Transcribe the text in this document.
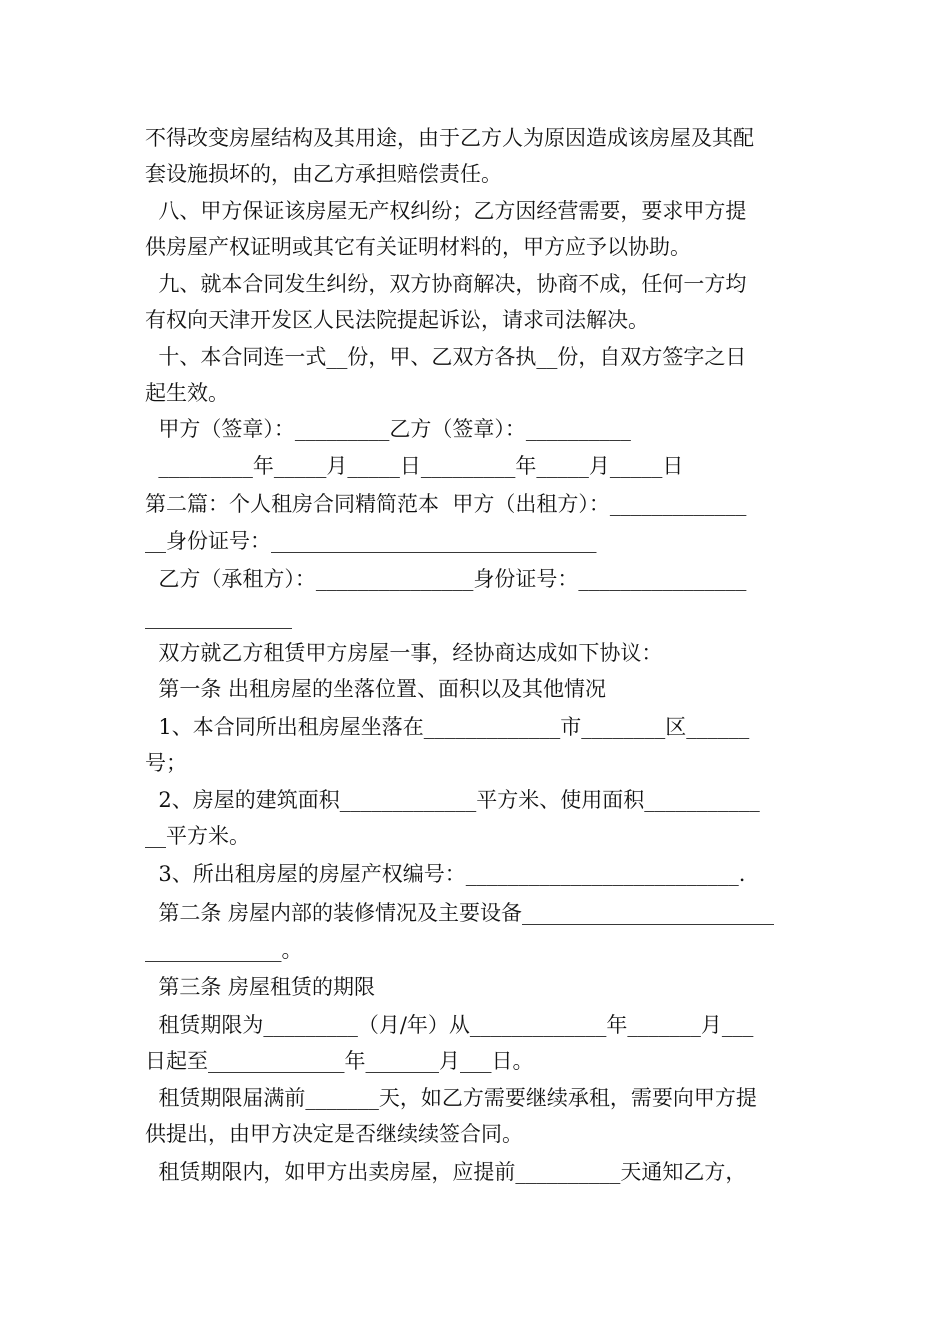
不得改变房屋结构及其用途，由于乙方人为原因造成该房屋及其配
套设施损坏的，由乙方承担赔偿责任。
八、甲方保证该房屋无产权纠纷；乙方因经营需要，要求甲方提
供房屋产权证明或其它有关证明材料的，甲方应予以协助。
九、就本合同发生纠纷，双方协商解决，协商不成，任何一方均
有权向天津开发区人民法院提起诉讼，请求司法解决。
十、本合同连一式__份，甲、乙双方各执__份，自双方签字之日
起生效。
甲方（签章）：_________乙方（签章）：__________
_________年_____月_____日_________年_____月_____日
第二篇：个人租房合同精简范本  甲方（出租方）：_____________
__身份证号：_______________________________
乙方（承租方）：_______________身份证号：________________
______________
双方就乙方租赁甲方房屋一事，经协商达成如下协议：
第一条 出租房屋的坐落位置、面积以及其他情况
1、本合同所出租房屋坐落在_____________市________区______
号；
2、房屋的建筑面积_____________平方米、使用面积___________
__平方米。
3、所出租房屋的房屋产权编号：__________________________.
第二条 房屋内部的装修情况及主要设备________________________
_____________。
第三条 房屋租赁的期限
租赁期限为_________（月/年）从_____________年_______月___
日起至_____________年_______月___日。
租赁期限届满前_______天，如乙方需要继续承租，需要向甲方提
供提出，由甲方决定是否继续续签合同。
租赁期限内，如甲方出卖房屋，应提前__________天通知乙方，
